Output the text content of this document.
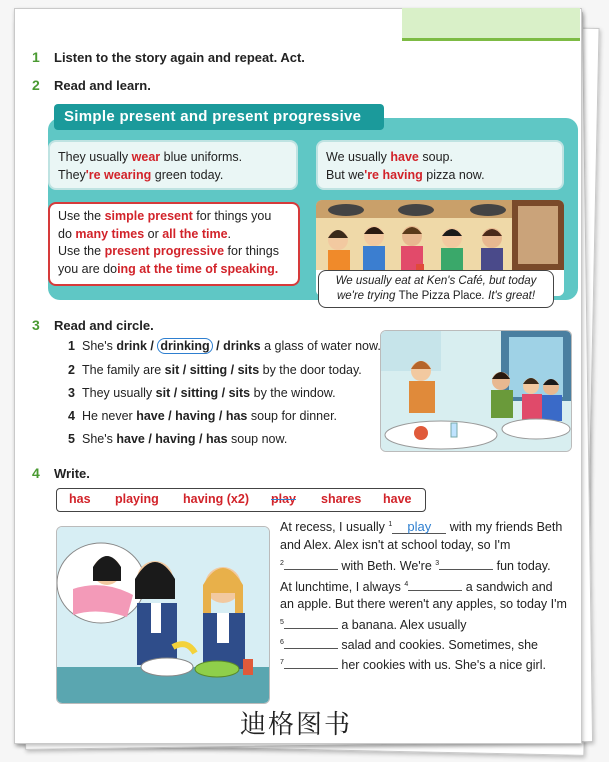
1 Listen to the story again and repeat. Act.
2 Read and learn.
Simple present and present progressive
They usually wear blue uniforms.
They're wearing green today.
We usually have soup.
But we're having pizza now.
Use the simple present for things you
do many times or all the time.
Use the present progressive for things
you are doing at the time of speaking.
We usually eat at Ken's Café, but today
we're trying The Pizza Place. It's great!
3 Read and circle.
1 She's drink / drinking / drinks a glass of water now.
2 The family are sit / sitting / sits by the door today.
3 They usually sit / sitting / sits by the window.
4 He never have / having / has soup for dinner.
5 She's have / having / has soup now.
4 Write.
has playing having (x2) play shares have
At recess, I usually $^1$ play with my friends Beth
and Alex. Alex isn't at school today, so I'm
$^2$	with Beth. We're $^3$	fun today.
At lunchtime, I always $^4$	a sandwich and
an apple. But there weren't any apples, so today I'm
$^5$	a banana. Alex usually
$^6$	salad and cookies. Sometimes, she
$^7$	her cookies with us. She's a nice girl.
迪格图书
